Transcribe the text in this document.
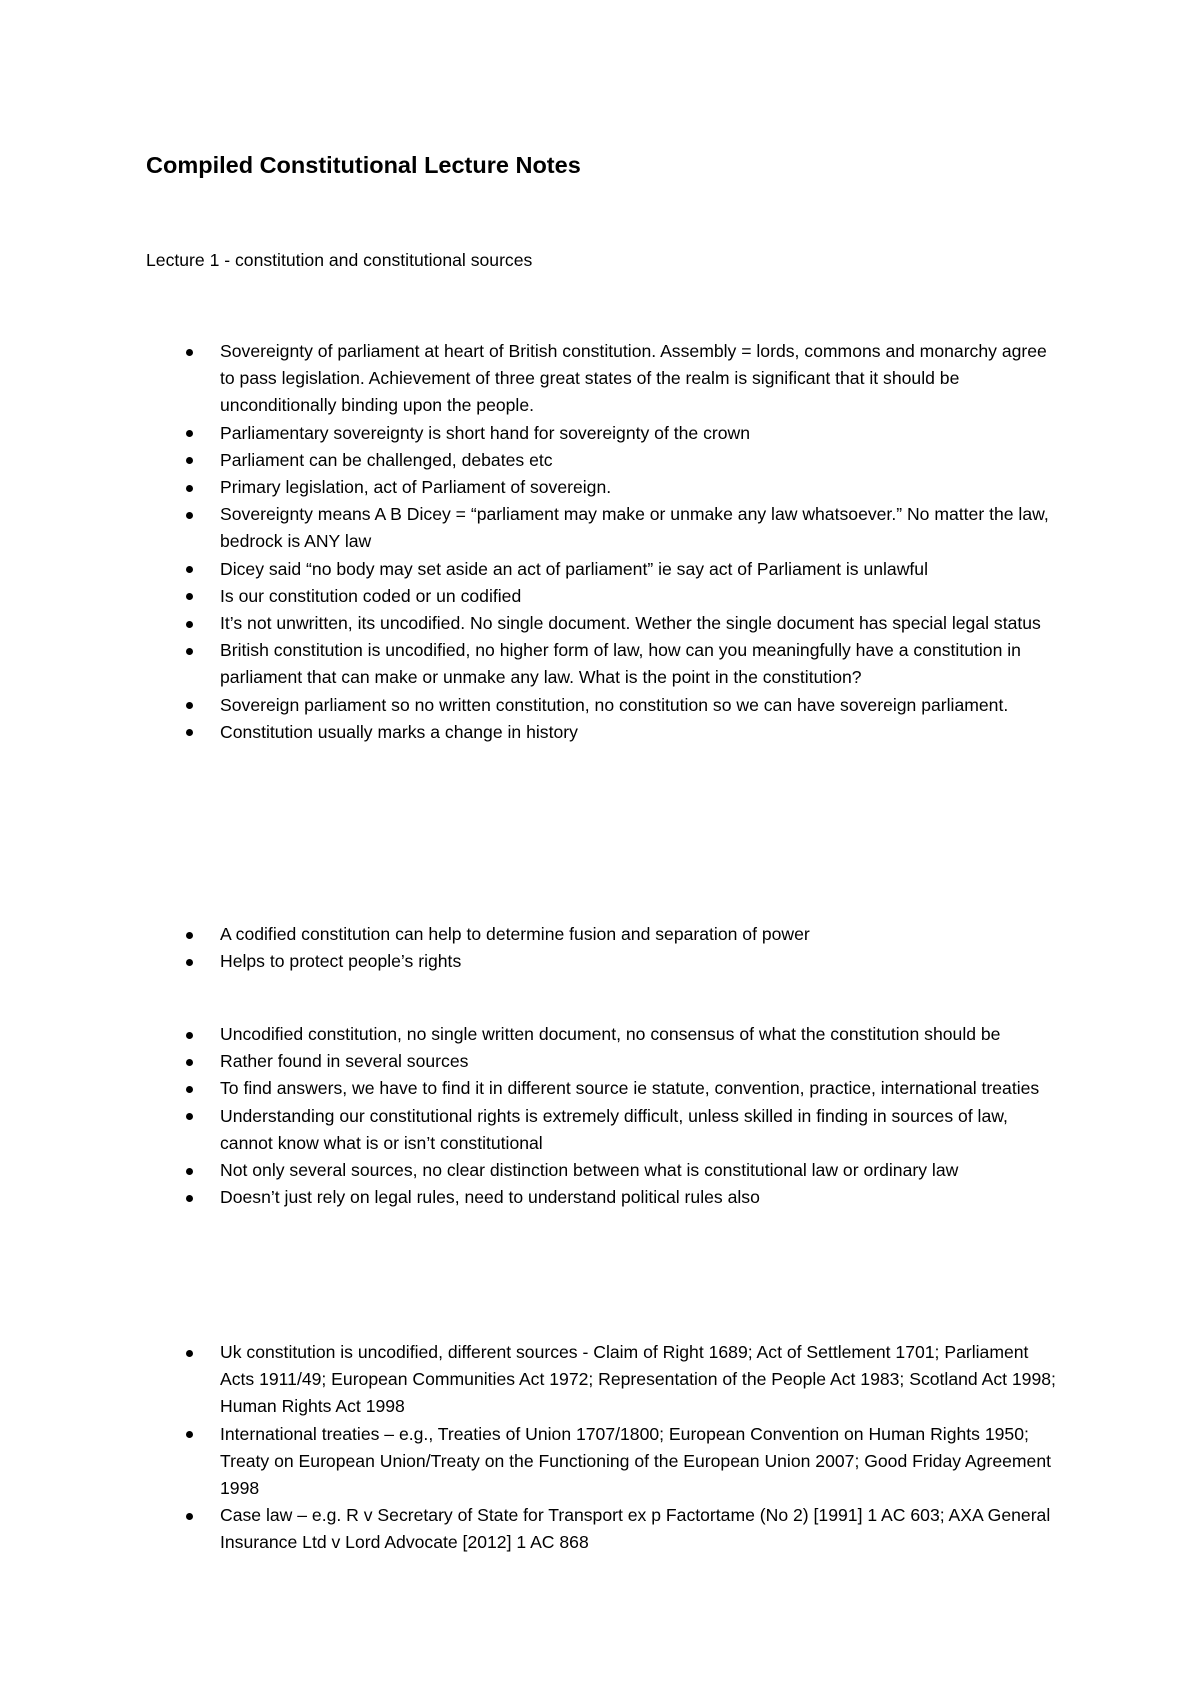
Compiled Constitutional Lecture Notes

Lecture 1 - constitution and constitutional sources

Sovereignty of parliament at heart of British constitution. Assembly = lords, commons and monarchy agree to pass legislation. Achievement of three great states of the realm is significant that it should be unconditionally binding upon the people.
Parliamentary sovereignty is short hand for sovereignty of the crown
Parliament can be challenged, debates etc
Primary legislation, act of Parliament of sovereign.
Sovereignty means A B Dicey = “parliament may make or unmake any law whatsoever.” No matter the law, bedrock is ANY law
Dicey said “no body may set aside an act of parliament” ie say act of Parliament is unlawful
Is our constitution coded or un codified
It’s not unwritten, its uncodified. No single document. Wether the single document has special legal status
British constitution is uncodified, no higher form of law, how can you meaningfully have a constitution in parliament that can make or unmake any law. What is the point in the constitution?
Sovereign parliament so no written constitution, no constitution so we can have sovereign parliament.
Constitution usually marks a change in history
A codified constitution can help to determine fusion and separation of power
Helps to protect people’s rights
Uncodified constitution, no single written document, no consensus of what the constitution should be
Rather found in several sources
To find answers, we have to find it in different source ie statute, convention, practice, international treaties
Understanding our constitutional rights is extremely difficult, unless skilled in finding in sources of law, cannot know what is or isn’t constitutional
Not only several sources, no clear distinction between what is constitutional law or ordinary law
Doesn’t just rely on legal rules, need to understand political rules also
Uk constitution is uncodified, different sources - Claim of Right 1689; Act of Settlement 1701; Parliament Acts 1911/49; European Communities Act 1972; Representation of the People Act 1983; Scotland Act 1998; Human Rights Act 1998
International treaties – e.g., Treaties of Union 1707/1800; European Convention on Human Rights 1950; Treaty on European Union/Treaty on the Functioning of the European Union 2007; Good Friday Agreement 1998
Case law – e.g. R v Secretary of State for Transport ex p Factortame (No 2) [1991] 1 AC 603; AXA General Insurance Ltd v Lord Advocate [2012] 1 AC 868
